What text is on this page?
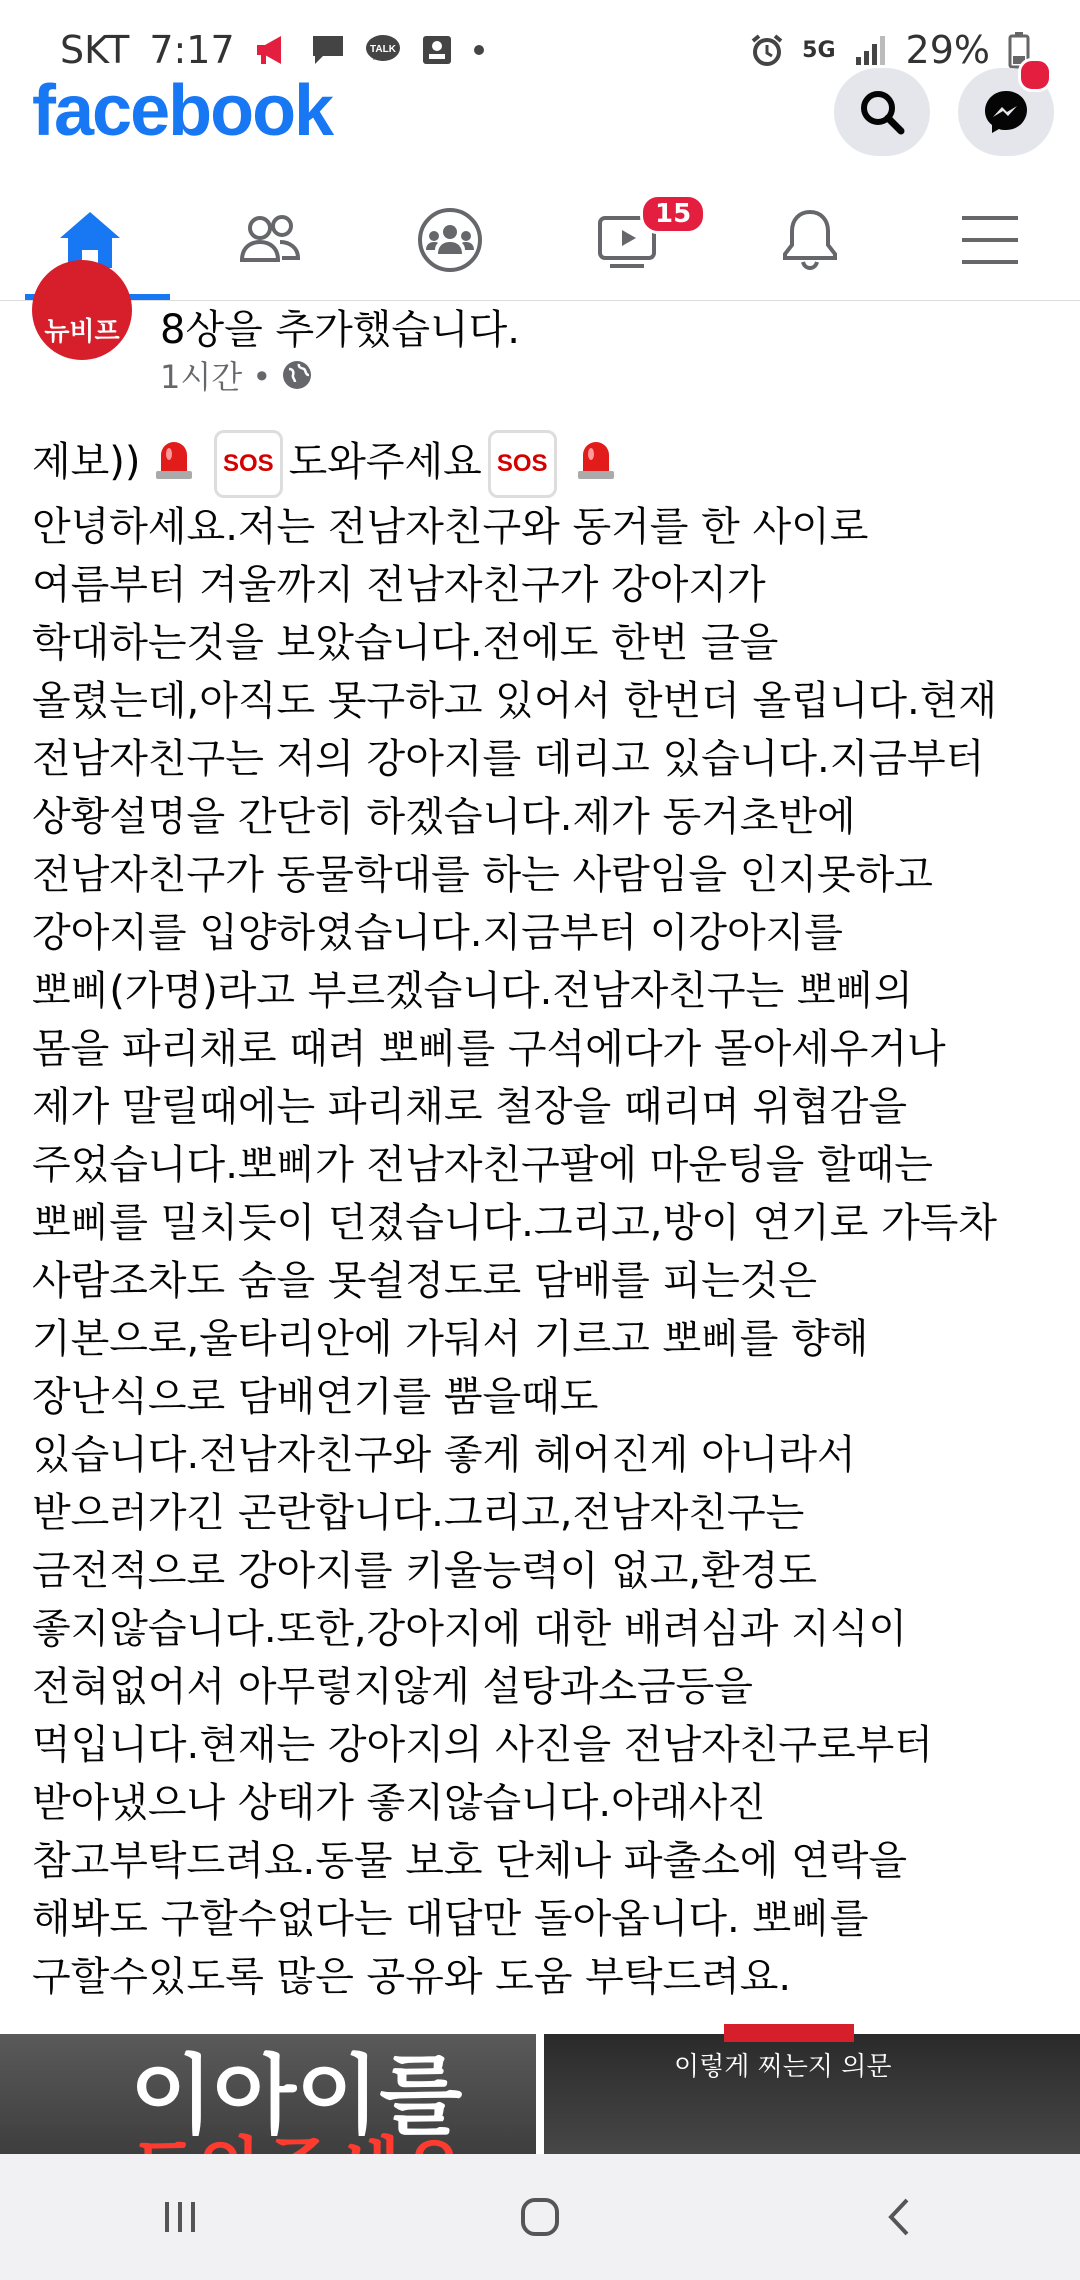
SKT 7:17	TALK	5G 29%
facebook
15
뉴비프 8상을 추가했습니다.
1시간 •

제보))	SOS 도와주세요 SOS

안녕하세요.저는 전남자친구와 동거를 한 사이로

여름부터 겨울까지 전남자친구가 강아지가

학대하는것을 보았습니다.전에도 한번 글을

올렸는데,아직도 못구하고 있어서 한번더 올립니다.현재

전남자친구는 저의 강아지를 데리고 있습니다.지금부터

상황설명을 간단히 하겠습니다.제가 동거초반에

전남자친구가 동물학대를 하는 사람임을 인지못하고

강아지를 입양하였습니다.지금부터 이강아지를

뽀삐(가명)라고 부르겠습니다.전남자친구는 뽀삐의

몸을 파리채로 때려 뽀삐를 구석에다가 몰아세우거나

제가 말릴때에는 파리채로 철장을 때리며 위협감을

주었습니다.뽀삐가 전남자친구팔에 마운팅을 할때는

뽀삐를 밀치듯이 던졌습니다.그리고,방이 연기로 가득차

사람조차도 숨을 못쉴정도로 담배를 피는것은

기본으로,울타리안에 가둬서 기르고 뽀삐를 향해

장난식으로 담배연기를 뿜을때도

있습니다.전남자친구와 좋게 헤어진게 아니라서

받으러가긴 곤란합니다.그리고,전남자친구는

금전적으로 강아지를 키울능력이 없고,환경도

좋지않습니다.또한,강아지에 대한 배려심과 지식이

전혀없어서 아무렇지않게 설탕과소금등을

먹입니다.현재는 강아지의 사진을 전남자친구로부터

받아냈으나 상태가 좋지않습니다.아래사진

참고부탁드려요.동물 보호 단체나 파출소에 연락을

해봐도 구할수없다는 대답만 돌아옵니다. 뽀삐를

구할수있도록 많은 공유와 도움 부탁드려요.

이아이를	이렇게 찌는지 의문
